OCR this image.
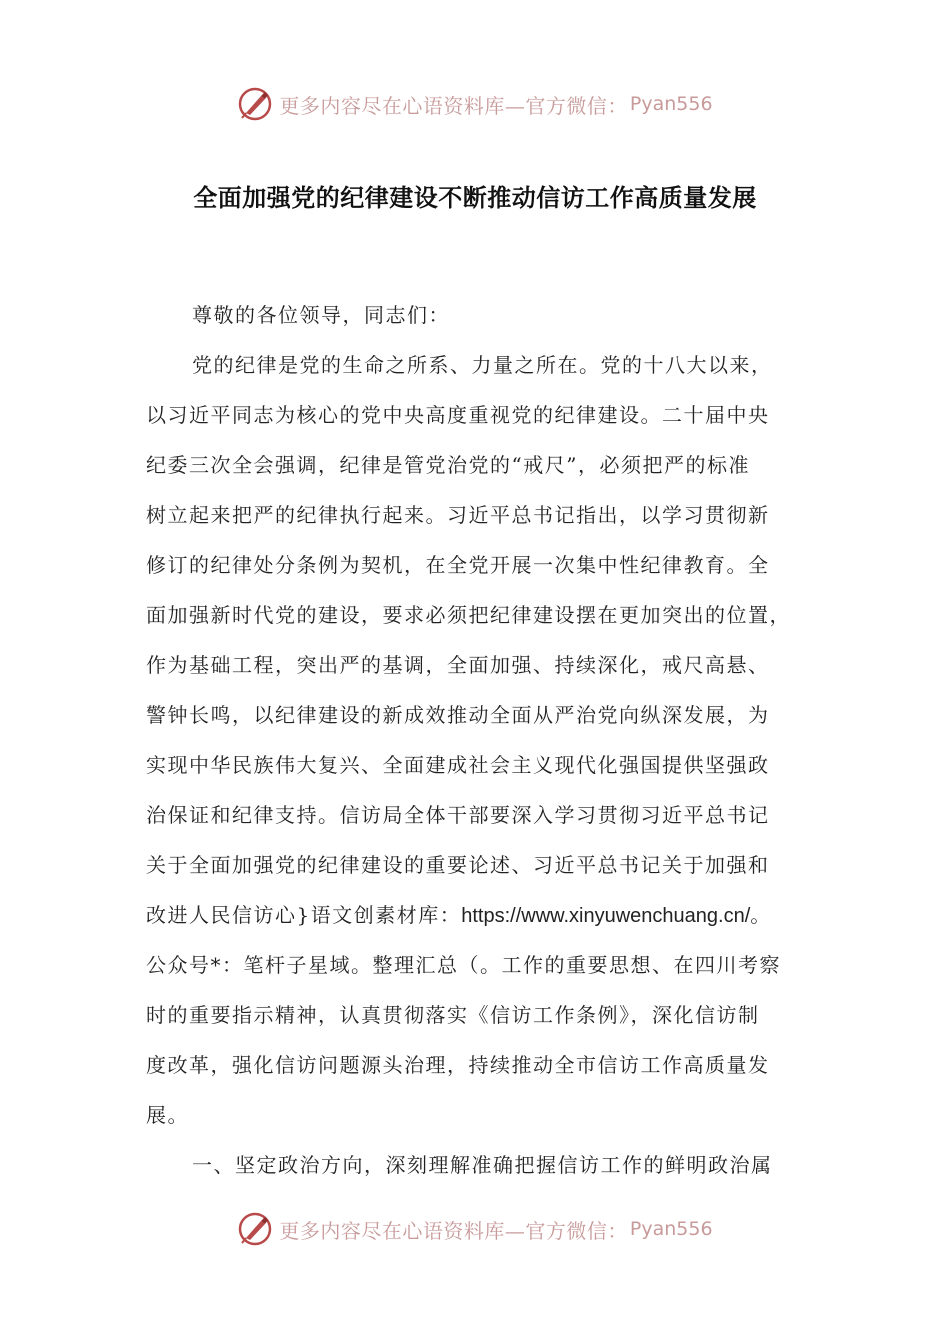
更多内容尽在心语资料库—官方微信： Pyan556
全面加强党的纪律建设不断推动信访工作高质量发展
尊敬的各位领导，同志们：
党的纪律是党的生命之所系、力量之所在。党的十八大以来，
以习近平同志为核心的党中央高度重视党的纪律建设。二十届中央
纪委三次全会强调，纪律是管党治党的“戒尺”，必须把严的标准
树立起来把严的纪律执行起来。习近平总书记指出，以学习贯彻新
修订的纪律处分条例为契机，在全党开展一次集中性纪律教育。全
面加强新时代党的建设，要求必须把纪律建设摆在更加突出的位置，
作为基础工程，突出严的基调，全面加强、持续深化，戒尺高悬、
警钟长鸣，以纪律建设的新成效推动全面从严治党向纵深发展，为
实现中华民族伟大复兴、全面建成社会主义现代化强国提供坚强政
治保证和纪律支持。信访局全体干部要深入学习贯彻习近平总书记
关于全面加强党的纪律建设的重要论述、习近平总书记关于加强和
改进人民信访心}语文创素材库：https://www.xinyuwenchuang.cn/。
公众号*：笔杆子星域。整理汇总（。工作的重要思想、在四川考察
时的重要指示精神，认真贯彻落实《信访工作条例》，深化信访制
度改革，强化信访问题源头治理，持续推动全市信访工作高质量发
展。
一、坚定政治方向，深刻理解准确把握信访工作的鲜明政治属
更多内容尽在心语资料库—官方微信： Pyan556
